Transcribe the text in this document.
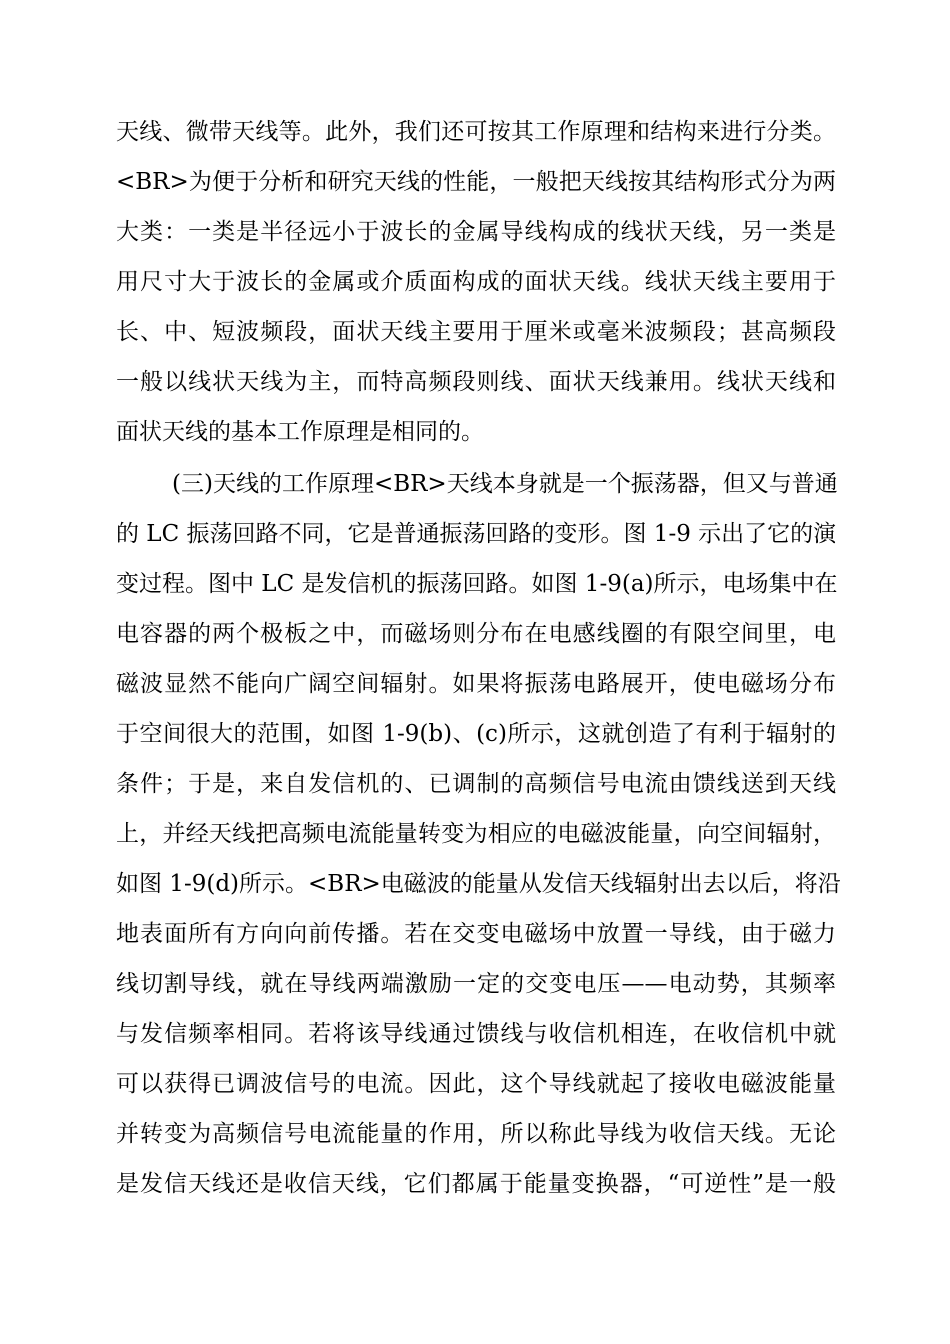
天线、微带天线等。此外，我们还可按其工作原理和结构来进行分类。
<BR>为便于分析和研究天线的性能，一般把天线按其结构形式分为两
大类：一类是半径远小于波长的金属导线构成的线状天线，另一类是
用尺寸大于波长的金属或介质面构成的面状天线。线状天线主要用于
长、中、短波频段，面状天线主要用于厘米或毫米波频段；甚高频段
一般以线状天线为主，而特高频段则线、面状天线兼用。线状天线和
面状天线的基本工作原理是相同的。
(三)天线的工作原理<BR>天线本身就是一个振荡器，但又与普通
的 LC 振荡回路不同，它是普通振荡回路的变形。图 1-9 示出了它的演
变过程。图中 LC 是发信机的振荡回路。如图 1-9(a)所示，电场集中在
电容器的两个极板之中，而磁场则分布在电感线圈的有限空间里，电
磁波显然不能向广阔空间辐射。如果将振荡电路展开，使电磁场分布
于空间很大的范围，如图 1-9(b)、(c)所示，这就创造了有利于辐射的
条件；于是，来自发信机的、已调制的高频信号电流由馈线送到天线
上，并经天线把高频电流能量转变为相应的电磁波能量，向空间辐射，
如图 1-9(d)所示。<BR>电磁波的能量从发信天线辐射出去以后，将沿
地表面所有方向向前传播。若在交变电磁场中放置一导线，由于磁力
线切割导线，就在导线两端激励一定的交变电压——电动势，其频率
与发信频率相同。若将该导线通过馈线与收信机相连，在收信机中就
可以获得已调波信号的电流。因此，这个导线就起了接收电磁波能量
并转变为高频信号电流能量的作用，所以称此导线为收信天线。无论
是发信天线还是收信天线，它们都属于能量变换器，“可逆性”是一般
